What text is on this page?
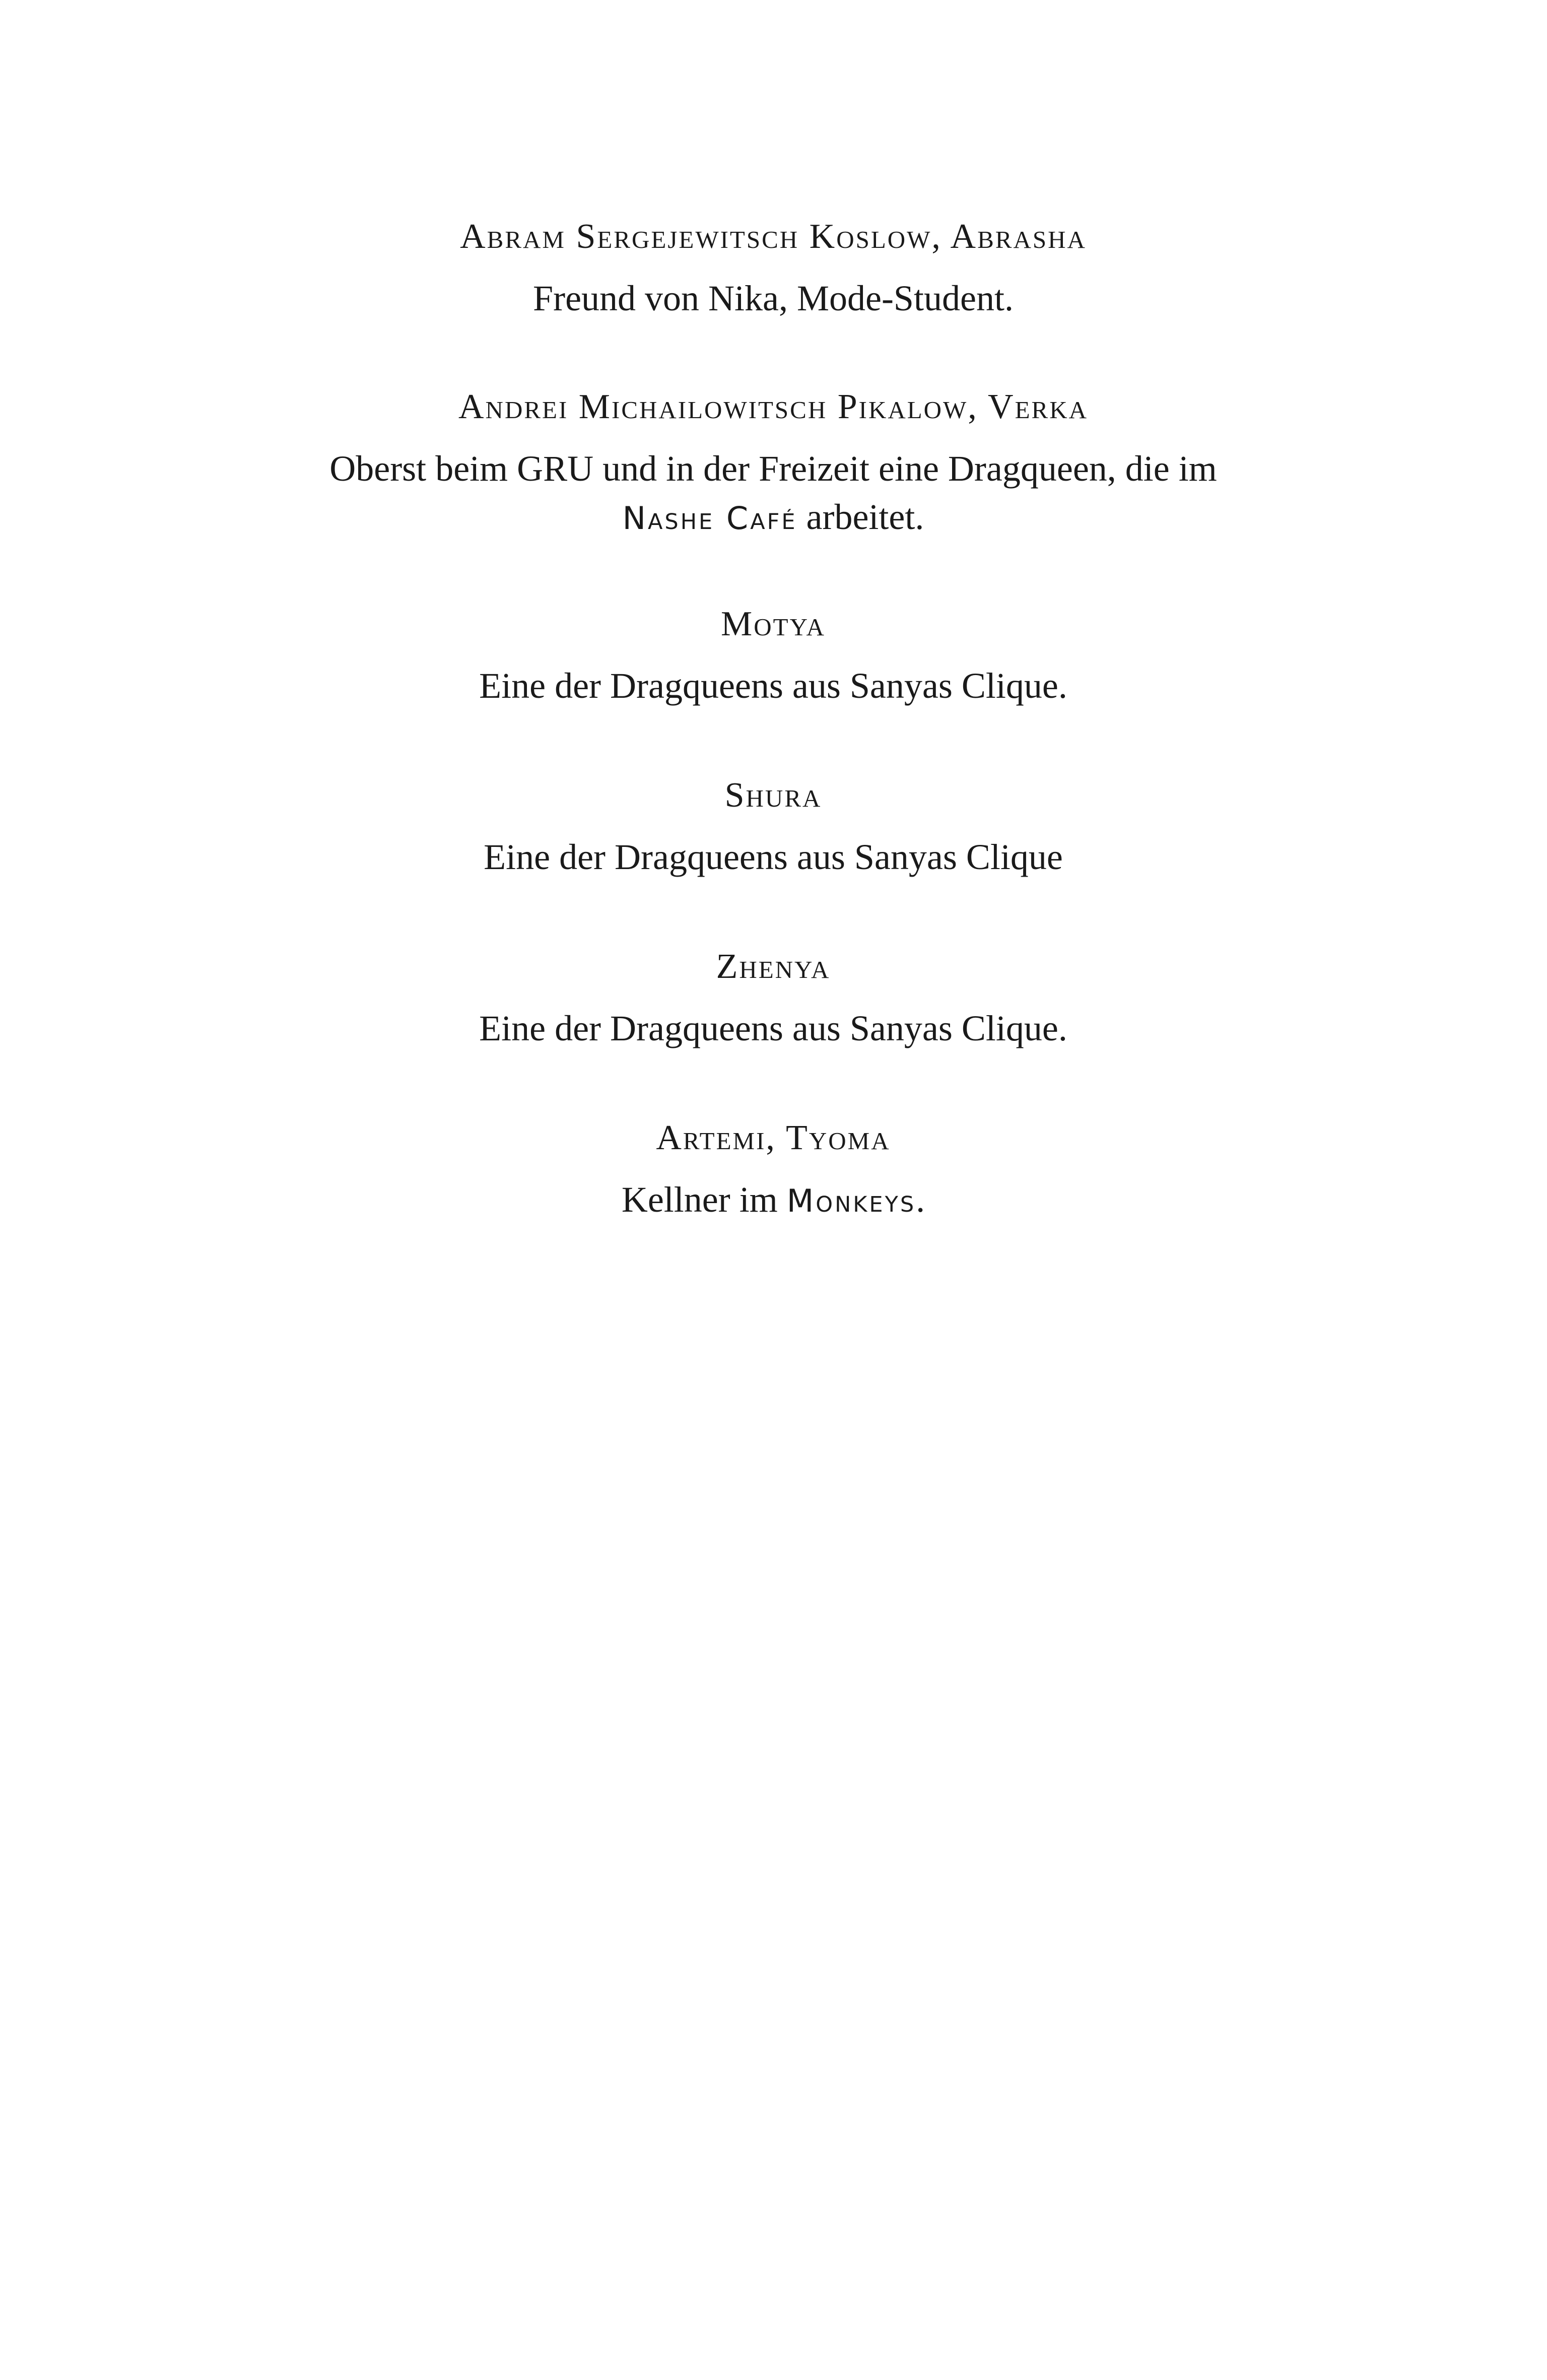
Abram Sergejewitsch Koslow, Abrasha

Freund von Nika, Mode-Student.

Andrei Michailowitsch Pikalow, Verka

Oberst beim GRU und in der Freizeit eine Dragqueen, die im Nashe Café arbeitet.

Motya

Eine der Dragqueens aus Sanyas Clique.

Shura

Eine der Dragqueens aus Sanyas Clique

Zhenya

Eine der Dragqueens aus Sanyas Clique.

Artemi, Tyoma

Kellner im Monkeys.
